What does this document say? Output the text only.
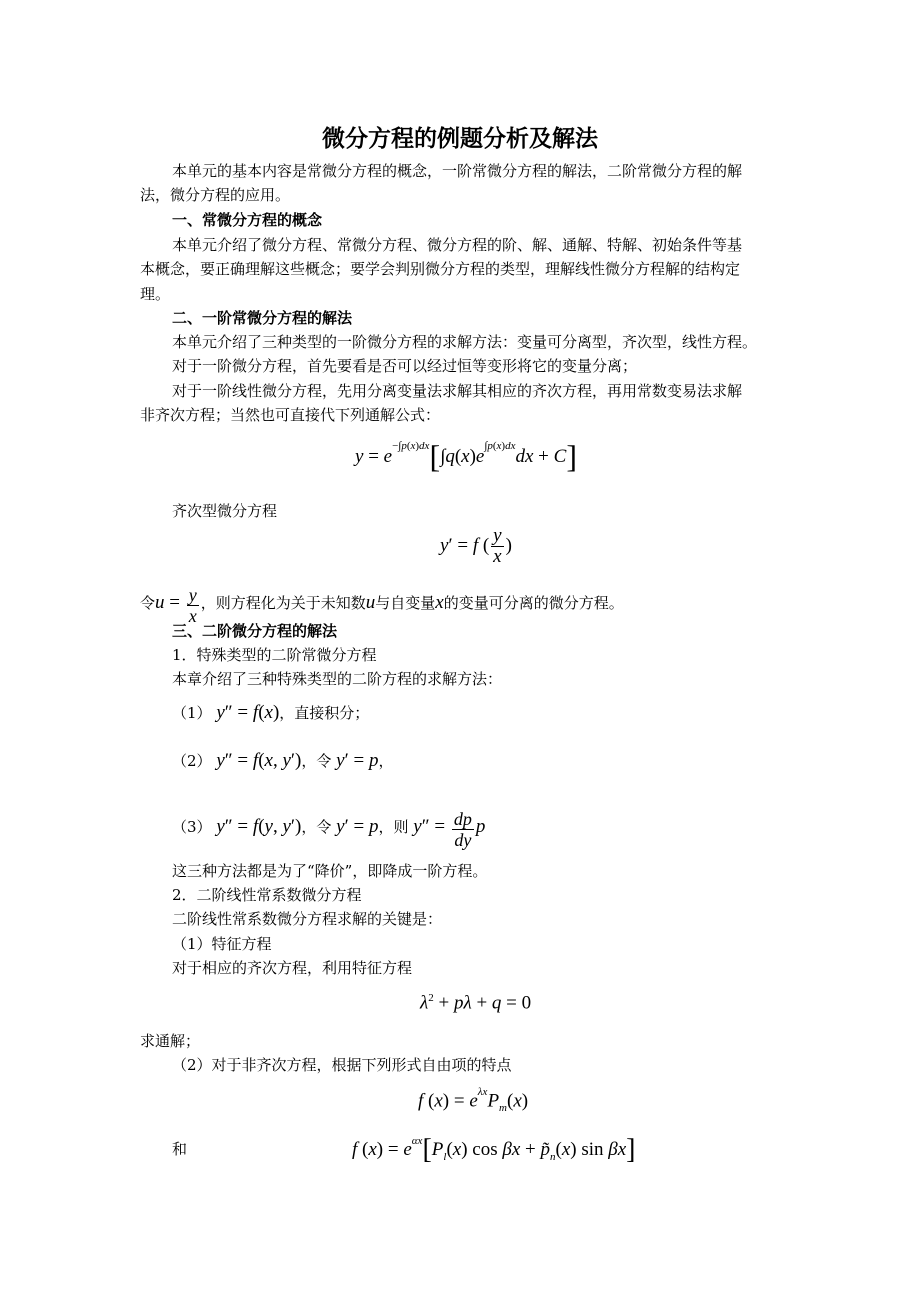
微分方程的例题分析及解法
本单元的基本内容是常微分方程的概念，一阶常微分方程的解法，二阶常微分方程的解
法，微分方程的应用。
一、常微分方程的概念
本单元介绍了微分方程、常微分方程、微分方程的阶、解、通解、特解、初始条件等基
本概念，要正确理解这些概念；要学会判别微分方程的类型，理解线性微分方程解的结构定
理。
二、一阶常微分方程的解法
本单元介绍了三种类型的一阶微分方程的求解方法：变量可分离型，齐次型，线性方程。
对于一阶微分方程，首先要看是否可以经过恒等变形将它的变量分离；
对于一阶线性微分方程，先用分离变量法求解其相应的齐次方程，再用常数变易法求解
非齐次方程；当然也可直接代下列通解公式：
$y = e^{-\int p(x)dx}[\int q(x)e^{\int p(x)dx}dx + C]$
齐次型微分方程
y′ = f ( $\frac{y}{x}$ )
令$u = \frac{y}{x}$ ，则方程化为关于未知数u与自变量x的变量可分离的微分方程。
三、二阶微分方程的解法
1．特殊类型的二阶常微分方程
本章介绍了三种特殊类型的二阶方程的求解方法：
（1） y″ = f(x)，直接积分；
（2） y″ = f(x, y′)，令 y′ = p，
（3） y″ = f(y, y′)，令 y′ = p，则 $y'' = \frac{dp}{dy}$ p
这三种方法都是为了“降价”，即降成一阶方程。
2．二阶线性常系数微分方程
二阶线性常系数微分方程求解的关键是：
（1）特征方程
对于相应的齐次方程，利用特征方程
$\lambda^2 + p\lambda + q = 0$
求通解；
（2）对于非齐次方程，根据下列形式自由项的特点
f $(x) = e^{\lambda x}P_m(x)$
和	f $(x) = e^{\alpha x}[P_l(x)$ $\cos \beta x + p̃_n(x)$ sin βx]
